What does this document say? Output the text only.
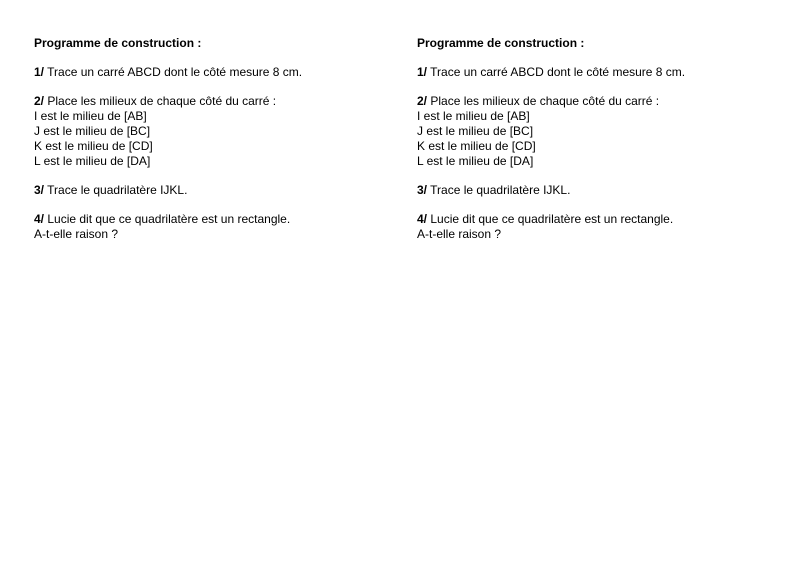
Programme de construction :
1/ Trace un carré ABCD dont le côté mesure 8 cm.
2/ Place les milieux de chaque côté du carré :
I est le milieu de [AB]
J est le milieu de [BC]
K est le milieu de [CD]
L est le milieu de [DA]
3/ Trace le quadrilatère IJKL.
4/ Lucie dit que ce quadrilatère est un rectangle.
A-t-elle raison ?
Programme de construction :
1/ Trace un carré ABCD dont le côté mesure 8 cm.
2/ Place les milieux de chaque côté du carré :
I est le milieu de [AB]
J est le milieu de [BC]
K est le milieu de [CD]
L est le milieu de [DA]
3/ Trace le quadrilatère IJKL.
4/ Lucie dit que ce quadrilatère est un rectangle.
A-t-elle raison ?
